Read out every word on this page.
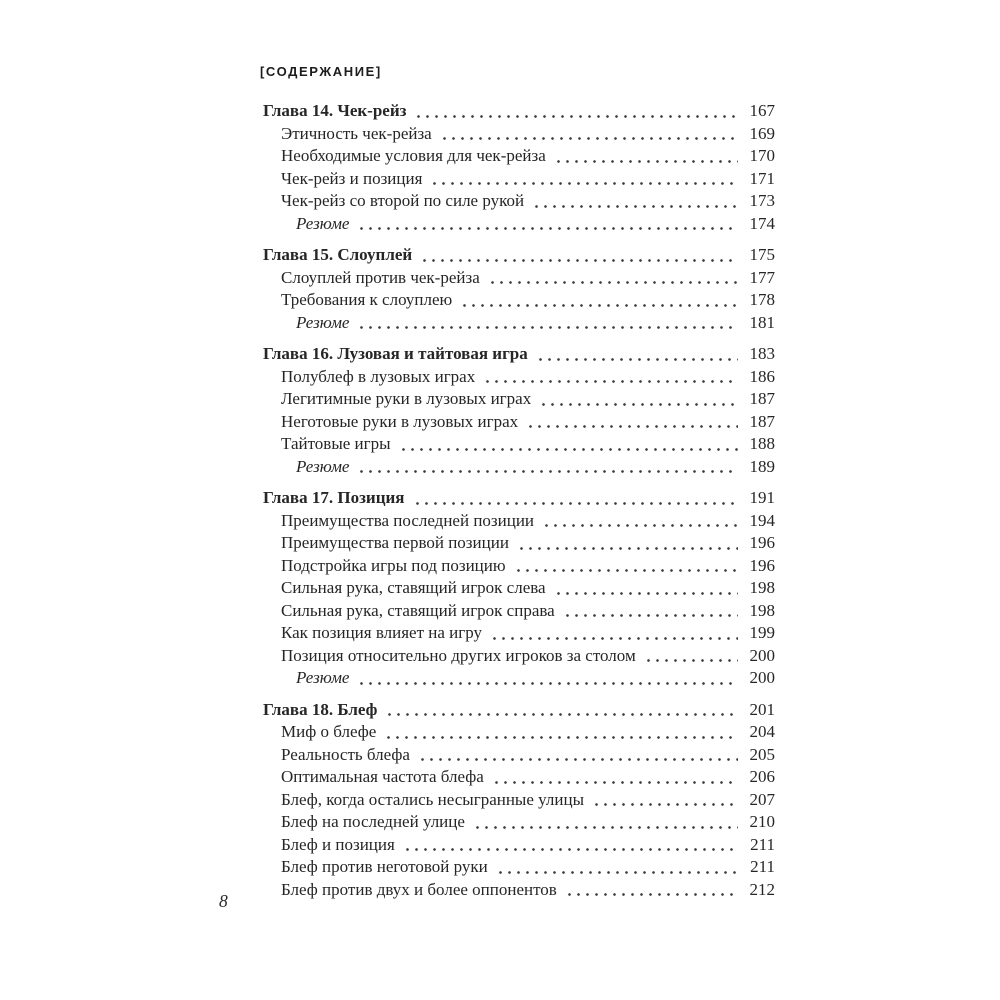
[СОДЕРЖАНИЕ]
Глава 14. Чек-рейз	167
Этичность чек-рейза	169
Необходимые условия для чек-рейза	170
Чек-рейз и позиция	171
Чек-рейз со второй по силе рукой	173
Резюме	174
Глава 15. Слоуплей	175
Слоуплей против чек-рейза	177
Требования к слоуплею	178
Резюме	181
Глава 16. Лузовая и тайтовая игра	183
Полублеф в лузовых играх	186
Легитимные руки в лузовых играх	187
Неготовые руки в лузовых играх	187
Тайтовые игры	188
Резюме	189
Глава 17. Позиция	191
Преимущества последней позиции	194
Преимущества первой позиции	196
Подстройка игры под позицию	196
Сильная рука, ставящий игрок слева	198
Сильная рука, ставящий игрок справа	198
Как позиция влияет на игру	199
Позиция относительно других игроков за столом	200
Резюме	200
Глава 18. Блеф	201
Миф о блефе	204
Реальность блефа	205
Оптимальная частота блефа	206
Блеф, когда остались несыгранные улицы	207
Блеф на последней улице	210
Блеф и позиция	211
Блеф против неготовой руки	211
Блеф против двух и более оппонентов	212
8
